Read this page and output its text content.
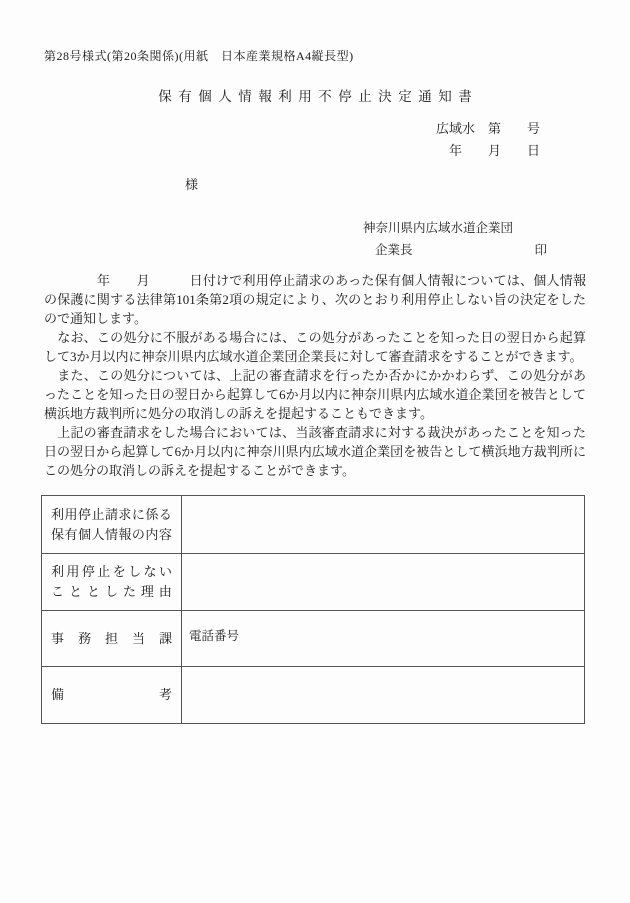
第28号様式(第20条関係)(用紙　日本産業規格A4縦長型)
保有個人情報利用不停止決定通知書
広域水　第　　号
年　　月　　日
様
神奈川県内広域水道企業団
企業長	印

　　　　年　　月　　　日付けで利用停止請求のあった保有個人情報については、個人情報の保護に関する法律第101条第2項の規定により、次のとおり利用停止しない旨の決定をしたので通知します。

　なお、この処分に不服がある場合には、この処分があったことを知った日の翌日から起算して3か月以内に神奈川県内広域水道企業団企業長に対して審査請求をすることができます。

　また、この処分については、上記の審査請求を行ったか否かにかかわらず、この処分があったことを知った日の翌日から起算して6か月以内に神奈川県内広域水道企業団を被告として横浜地方裁判所に処分の取消しの訴えを提起することもできます。

　上記の審査請求をした場合においては、当該審査請求に対する裁決があったことを知った日の翌日から起算して6か月以内に神奈川県内広域水道企業団を被告として横浜地方裁判所にこの処分の取消しの訴えを提起することができます。

利 用 停 止 請 求 に 係 る
保 有 個 人 情 報 の 内 容

利 用 停 止 を し な い
こ と と し た 理 由

事 務 担 当 課	電話番号

備 考	
